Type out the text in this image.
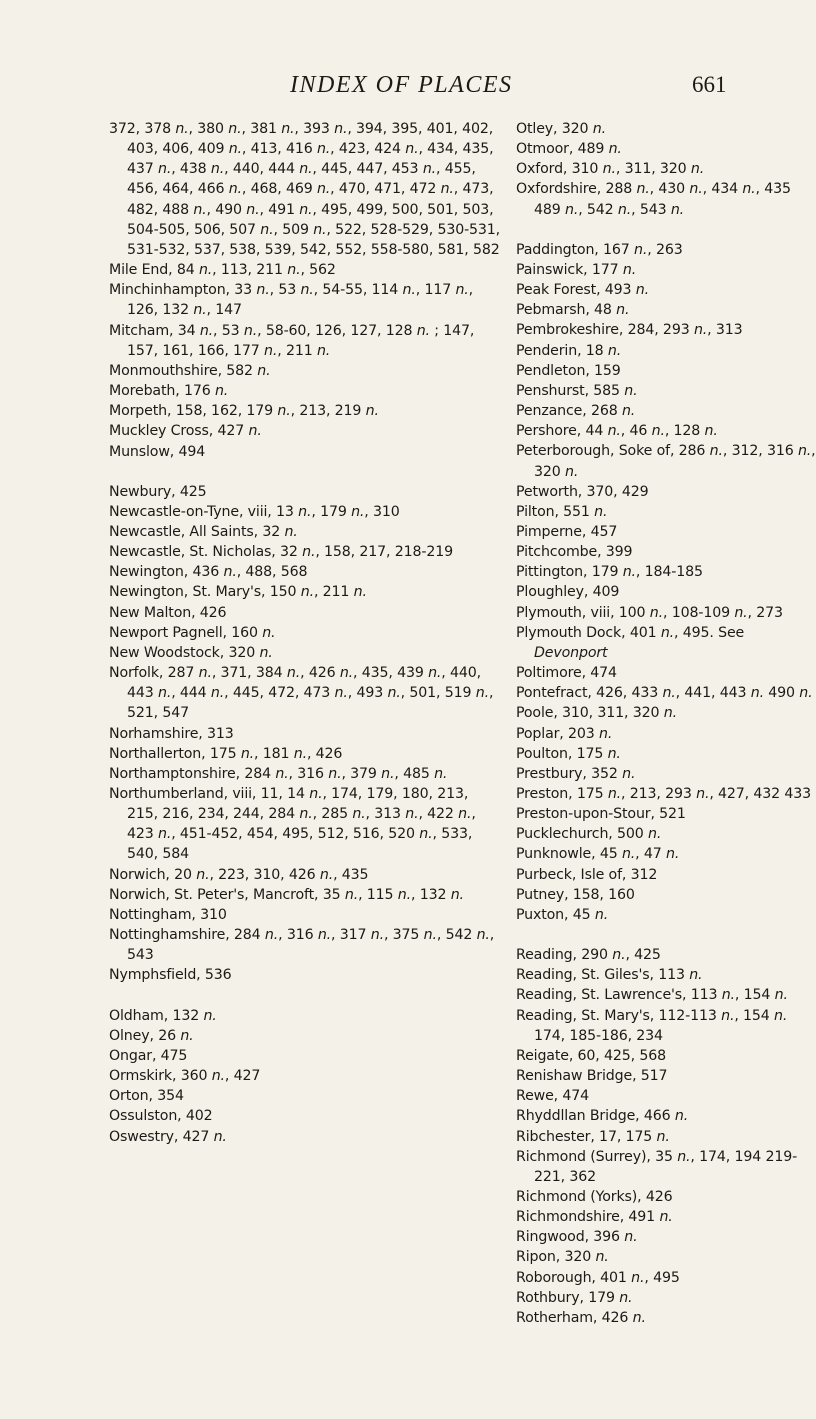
INDEX OF PLACES	661
372, 378 n., 380 n., 381 n., 393 n., 394, 395, 401, 402, 403, 406, 409 n., 413, 416 n., 423, 424 n., 434, 435, 437 n., 438 n., 440, 444 n., 445, 447, 453 n., 455, 456, 464, 466 n., 468, 469 n., 470, 471, 472 n., 473, 482, 488 n., 490 n., 491 n., 495, 499, 500, 501, 503, 504-505, 506, 507 n., 509 n., 522, 528-529, 530-531, 531-532, 537, 538, 539, 542, 552, 558-580, 581, 582
Mile End, 84 n., 113, 211 n., 562
Minchinhampton, 33 n., 53 n., 54-55, 114 n., 117 n., 126, 132 n., 147
Mitcham, 34 n., 53 n., 58-60, 126, 127, 128 n. ; 147, 157, 161, 166, 177 n., 211 n.
Monmouthshire, 582 n.
Morebath, 176 n.
Morpeth, 158, 162, 179 n., 213, 219 n.
Muckley Cross, 427 n.
Munslow, 494
Newbury, 425
Newcastle-on-Tyne, viii, 13 n., 179 n., 310
Newcastle, All Saints, 32 n.
Newcastle, St. Nicholas, 32 n., 158, 217, 218-219
Newington, 436 n., 488, 568
Newington, St. Mary's, 150 n., 211 n.
New Malton, 426
Newport Pagnell, 160 n.
New Woodstock, 320 n.
Norfolk, 287 n., 371, 384 n., 426 n., 435, 439 n., 440, 443 n., 444 n., 445, 472, 473 n., 493 n., 501, 519 n., 521, 547
Norhamshire, 313
Northallerton, 175 n., 181 n., 426
Northamptonshire, 284 n., 316 n., 379 n., 485 n.
Northumberland, viii, 11, 14 n., 174, 179, 180, 213, 215, 216, 234, 244, 284 n., 285 n., 313 n., 422 n., 423 n., 451-452, 454, 495, 512, 516, 520 n., 533, 540, 584
Norwich, 20 n., 223, 310, 426 n., 435
Norwich, St. Peter's, Mancroft, 35 n., 115 n., 132 n.
Nottingham, 310
Nottinghamshire, 284 n., 316 n., 317 n., 375 n., 542 n., 543
Nymphsfield, 536
Oldham, 132 n.
Olney, 26 n.
Ongar, 475
Ormskirk, 360 n., 427
Orton, 354
Ossulston, 402
Oswestry, 427 n.
Otley, 320 n.
Otmoor, 489 n.
Oxford, 310 n., 311, 320 n.
Oxfordshire, 288 n., 430 n., 434 n., 435 489 n., 542 n., 543 n.
Paddington, 167 n., 263
Painswick, 177 n.
Peak Forest, 493 n.
Pebmarsh, 48 n.
Pembrokeshire, 284, 293 n., 313
Penderin, 18 n.
Pendleton, 159
Penshurst, 585 n.
Penzance, 268 n.
Pershore, 44 n., 46 n., 128 n.
Peterborough, Soke of, 286 n., 312, 316 n., 320 n.
Petworth, 370, 429
Pilton, 551 n.
Pimperne, 457
Pitchcombe, 399
Pittington, 179 n., 184-185
Ploughley, 409
Plymouth, viii, 100 n., 108-109 n., 273
Plymouth Dock, 401 n., 495. See Devonport
Poltimore, 474
Pontefract, 426, 433 n., 441, 443 n. 490 n.
Poole, 310, 311, 320 n.
Poplar, 203 n.
Poulton, 175 n.
Prestbury, 352 n.
Preston, 175 n., 213, 293 n., 427, 432 433
Preston-upon-Stour, 521
Pucklechurch, 500 n.
Punknowle, 45 n., 47 n.
Purbeck, Isle of, 312
Putney, 158, 160
Puxton, 45 n.
Reading, 290 n., 425
Reading, St. Giles's, 113 n.
Reading, St. Lawrence's, 113 n., 154 n.
Reading, St. Mary's, 112-113 n., 154 n. 174, 185-186, 234
Reigate, 60, 425, 568
Renishaw Bridge, 517
Rewe, 474
Rhyddllan Bridge, 466 n.
Ribchester, 17, 175 n.
Richmond (Surrey), 35 n., 174, 194 219-221, 362
Richmond (Yorks), 426
Richmondshire, 491 n.
Ringwood, 396 n.
Ripon, 320 n.
Roborough, 401 n., 495
Rothbury, 179 n.
Rotherham, 426 n.
